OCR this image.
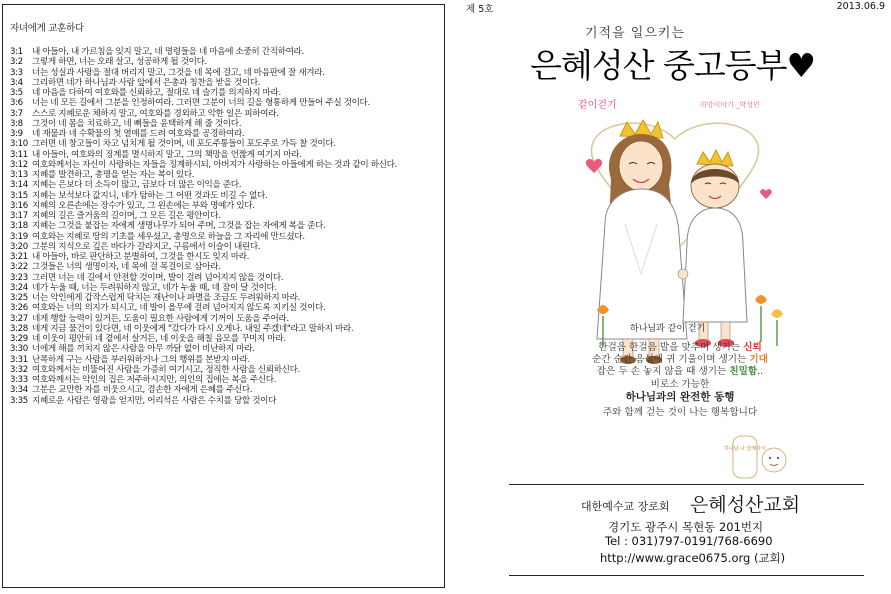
자녀에게 교훈하다
3:1	내 아들아, 내 가르침을 잊지 말고, 네 명령들을 네 마음에 소중히 간직하여라.
3:2	그렇게 하면, 너는 오래 살고, 성공하게 될 것이다.
3:3	너는 성실과 사랑을 절대 버리지 말고, 그것을 네 목에 걸고, 네 마음판에 잘 새겨라.
3:4	그리하면 네가 하나님과 사람 앞에서 은총과 칭찬을 받을 것이다.
3:5	네 마음을 다하여 여호와를 신뢰하고, 절대로 네 슬기를 의지하지 마라.
3:6	너는 네 모든 길에서 그분을 인정하여라. 그러면 그분이 너의 길을 형통하게 만들어 주실 것이다.
3:7	스스로 지혜로운 체하지 말고, 여호와를 경외하고 악한 일은 피하여라.
3:8	그것이 네 몸을 치료하고, 네 뼈들을 윤택하게 해 줄 것이다.
3:9	네 재물과 네 수확물의 첫 열매를 드려 여호와를 공경하여라.
3:10 그러면 네 창고들이 차고 넘치게 될 것이며, 네 포도주통들이 포도주로 가득 찰 것이다.
3:11 내 아들아, 여호와의 징계를 멸시하지 말고, 그의 책망을 언짢게 여기지 마라.
3:12 여호와께서는 자신이 사랑하는 자들을 징계하시되, 아버지가 사랑하는 아들에게 하는 것과 같이 하신다.
3:13 지혜를 발견하고, 총명을 얻는 자는 복이 있다.
3:14 지혜는 은보다 더 소득이 많고, 금보다 더 많은 이익을 준다.
3:15 지혜는 보석보다 값지니, 네가 탐하는 그 어떤 것과도 비길 수 없다.
3:16 지혜의 오른손에는 장수가 있고, 그 왼손에는 부와 명예가 있다.
3:17 지혜의 길은 즐거움의 길이며, 그 모든 길은 평안이다.
3:18 지혜는 그것을 붙잡는 자에게 생명나무가 되어 주며, 그것을 잡는 자에게 복을 준다.
3:19 여호와는 지혜로 땅의 기초를 세우셨고, 총명으로 하늘을 그 자리에 만드셨다.
3:20 그분의 지식으로 깊은 바다가 갈라지고, 구름에서 이슬이 내린다.
3:21 내 아들아, 바로 판단하고 분별하여, 그것을 한시도 잊지 마라.
3:22 그것들은 너의 생명이자, 네 목에 걸 목걸이로 삼아라.
3:23 그러면 너는 네 길에서 안전할 것이며, 발이 걸려 넘어지지 않을 것이다.
3:24 네가 누울 때, 너는 두려워하지 않고, 네가 누울 때, 네 잠이 달 것이다.
3:25 너는 악인에게 갑작스럽게 닥치는 재난이나 파멸을 조금도 두려워하지 마라.
3:26 여호와는 너의 의지가 되시고, 네 발이 올무에 걸려 넘어지지 않도록 지키실 것이다.
3:27 네게 행할 능력이 있거든, 도움이 필요한 사람에게 기꺼이 도움을 주어라.
3:28 네게 지금 물건이 있다면, 네 이웃에게 "갔다가 다시 오게나. 내일 주겠네"라고 말하지 마라.
3:29 네 이웃이 평안히 네 곁에서 살거든, 네 이웃을 해칠 음모를 꾸미지 마라.
3:30 너에게 해를 끼치지 않은 사람을 아무 까닭 없이 비난하지 마라.
3:31 난폭하게 구는 사람을 부러워하거나 그의 행위를 본받지 마라.
3:32 여호와께서는 비뚤어진 사람을 가증히 여기시고, 정직한 사람을 신뢰하신다.
3:33 여호와께서는 악인의 집은 저주하시지만, 의인의 집에는 복을 주신다.
3:34 그분은 교만한 자를 비웃으시고, 겸손한 자에게 은혜를 주신다.
3:35 지혜로운 사람은 영광을 얻지만, 어리석은 사람은 수치를 당할 것이다
제 5호	2013.06.9
기적을 일으키는
은혜성산 중고등부♥
하나님 나 함께라서
같이걷기	희망이야기 _박성민
하나님과 같이 걷기
한걸음 한걸음 발을 맞추며 생기는 신뢰
순간 순간 음성에 귀 기울이며 생기는 기대
잡은 두 손 놓지 않을 때 생기는 친밀함..
비로소 가능한
하나님과의 완전한 동행
주와 함께 걷는 것이 나는 행복합니다
대한예수교 장로회 은혜성산교회
경기도 광주시 목현동 201번지
Tel : 031)797-0191/768-6690
http://www.grace0675.org (교회)
